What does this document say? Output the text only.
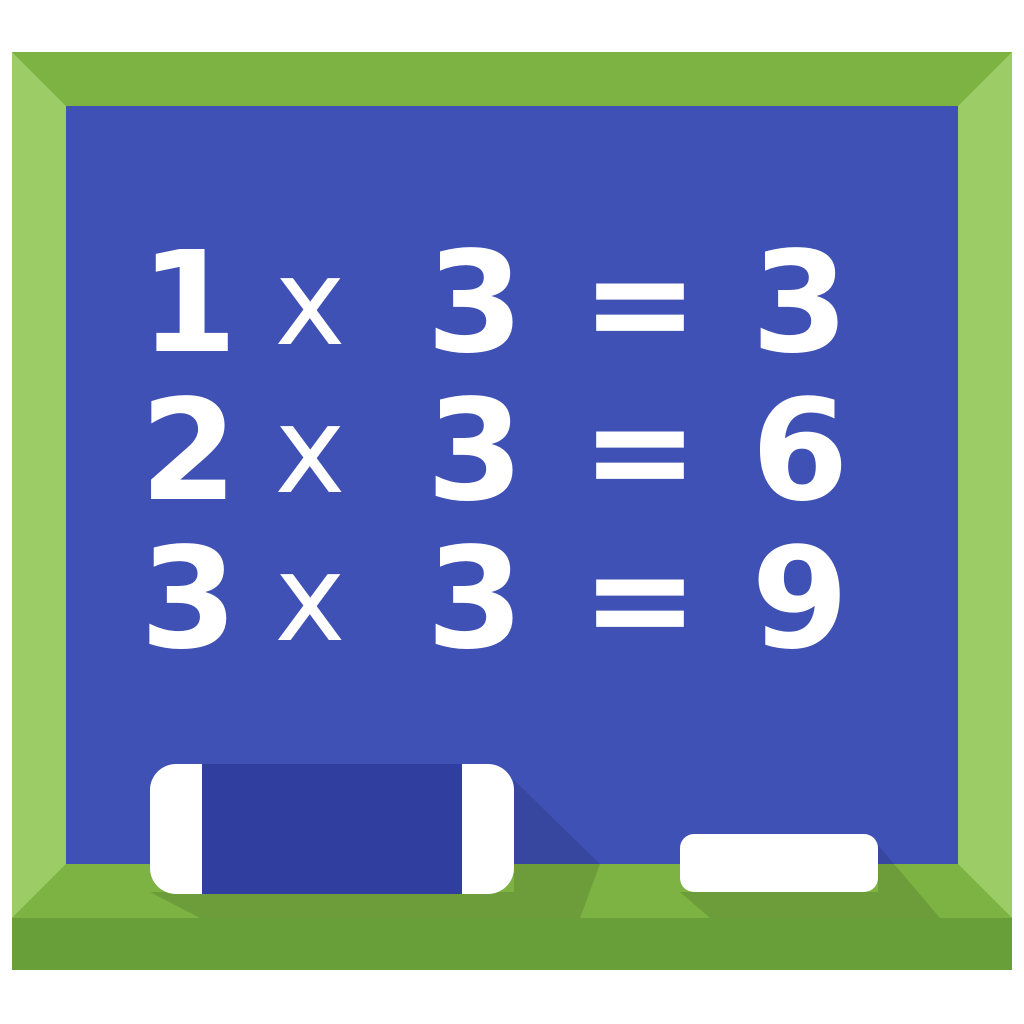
1 x 3 = 3
2 x 3 = 6
3 x 3 = 9
